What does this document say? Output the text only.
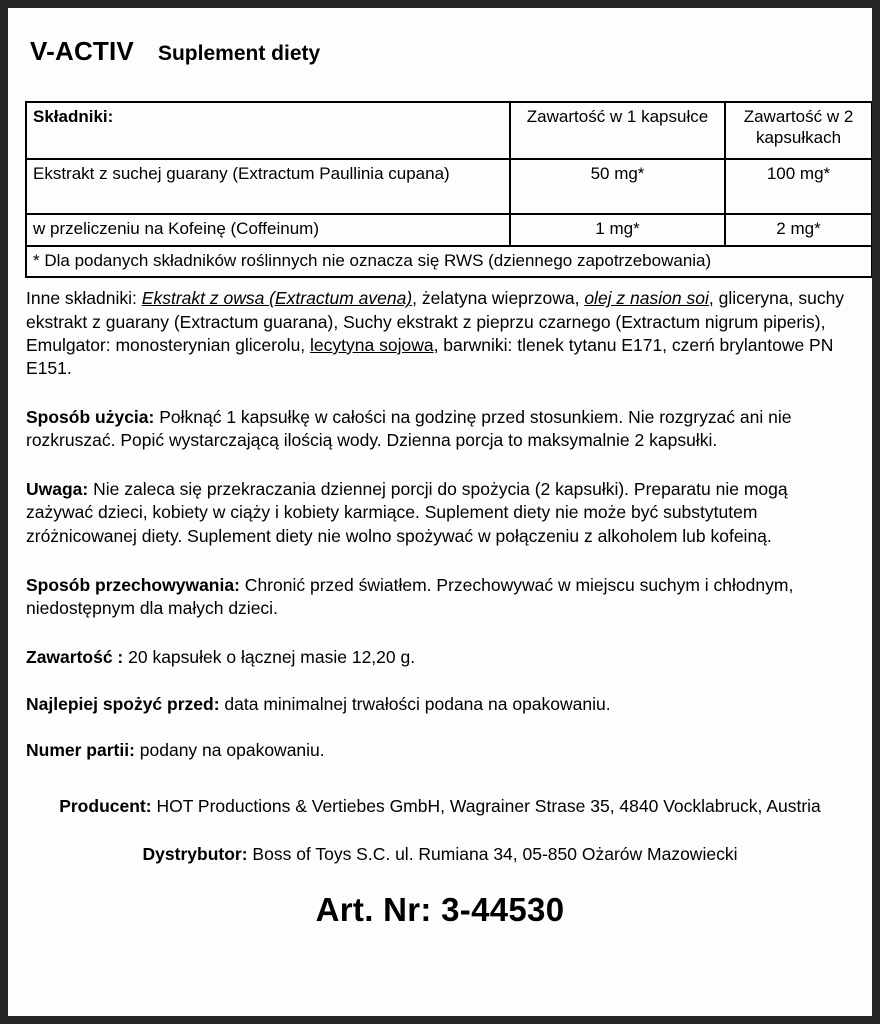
V-ACTIV Suplement diety
Składniki:	Zawartość w 1 kapsułce	Zawartość w 2 kapsułkach
Ekstrakt z suchej guarany (Extractum Paullinia cupana)	50 mg*	100 mg*
w przeliczeniu na Kofeinę (Coffeinum)	1 mg*	2 mg*
* Dla podanych składników roślinnych nie oznacza się RWS (dziennego zapotrzebowania)		

Inne składniki: Ekstrakt z owsa (Extractum avena), żelatyna wieprzowa, olej z nasion soi, gliceryna, suchy ekstrakt z guarany (Extractum guarana), Suchy ekstrakt z pieprzu czarnego (Extractum nigrum piperis), Emulgator: monosterynian glicerolu, lecytyna sojowa, barwniki: tlenek tytanu E171, czerń brylantowe PN E151.

Sposób użycia: Połknąć 1 kapsułkę w całości na godzinę przed stosunkiem. Nie rozgryzać ani nie rozkruszać. Popić wystarczającą ilością wody. Dzienna porcja to maksymalnie 2 kapsułki.

Uwaga: Nie zaleca się przekraczania dziennej porcji do spożycia (2 kapsułki). Preparatu nie mogą zażywać dzieci, kobiety w ciąży i kobiety karmiące. Suplement diety nie może być substytutem zróżnicowanej diety. Suplement diety nie wolno spożywać w połączeniu z alkoholem lub kofeiną.

Sposób przechowywania: Chronić przed światłem. Przechowywać w miejscu suchym i chłodnym, niedostępnym dla małych dzieci.

Zawartość : 20 kapsułek o łącznej masie 12,20 g.

Najlepiej spożyć przed: data minimalnej trwałości podana na opakowaniu.

Numer partii: podany na opakowaniu.

Producent: HOT Productions & Vertiebes GmbH, Wagrainer Strase 35, 4840 Vocklabruck, Austria

Dystrybutor: Boss of Toys S.C. ul. Rumiana 34, 05-850 Ożarów Mazowiecki

Art. Nr: 3-44530
